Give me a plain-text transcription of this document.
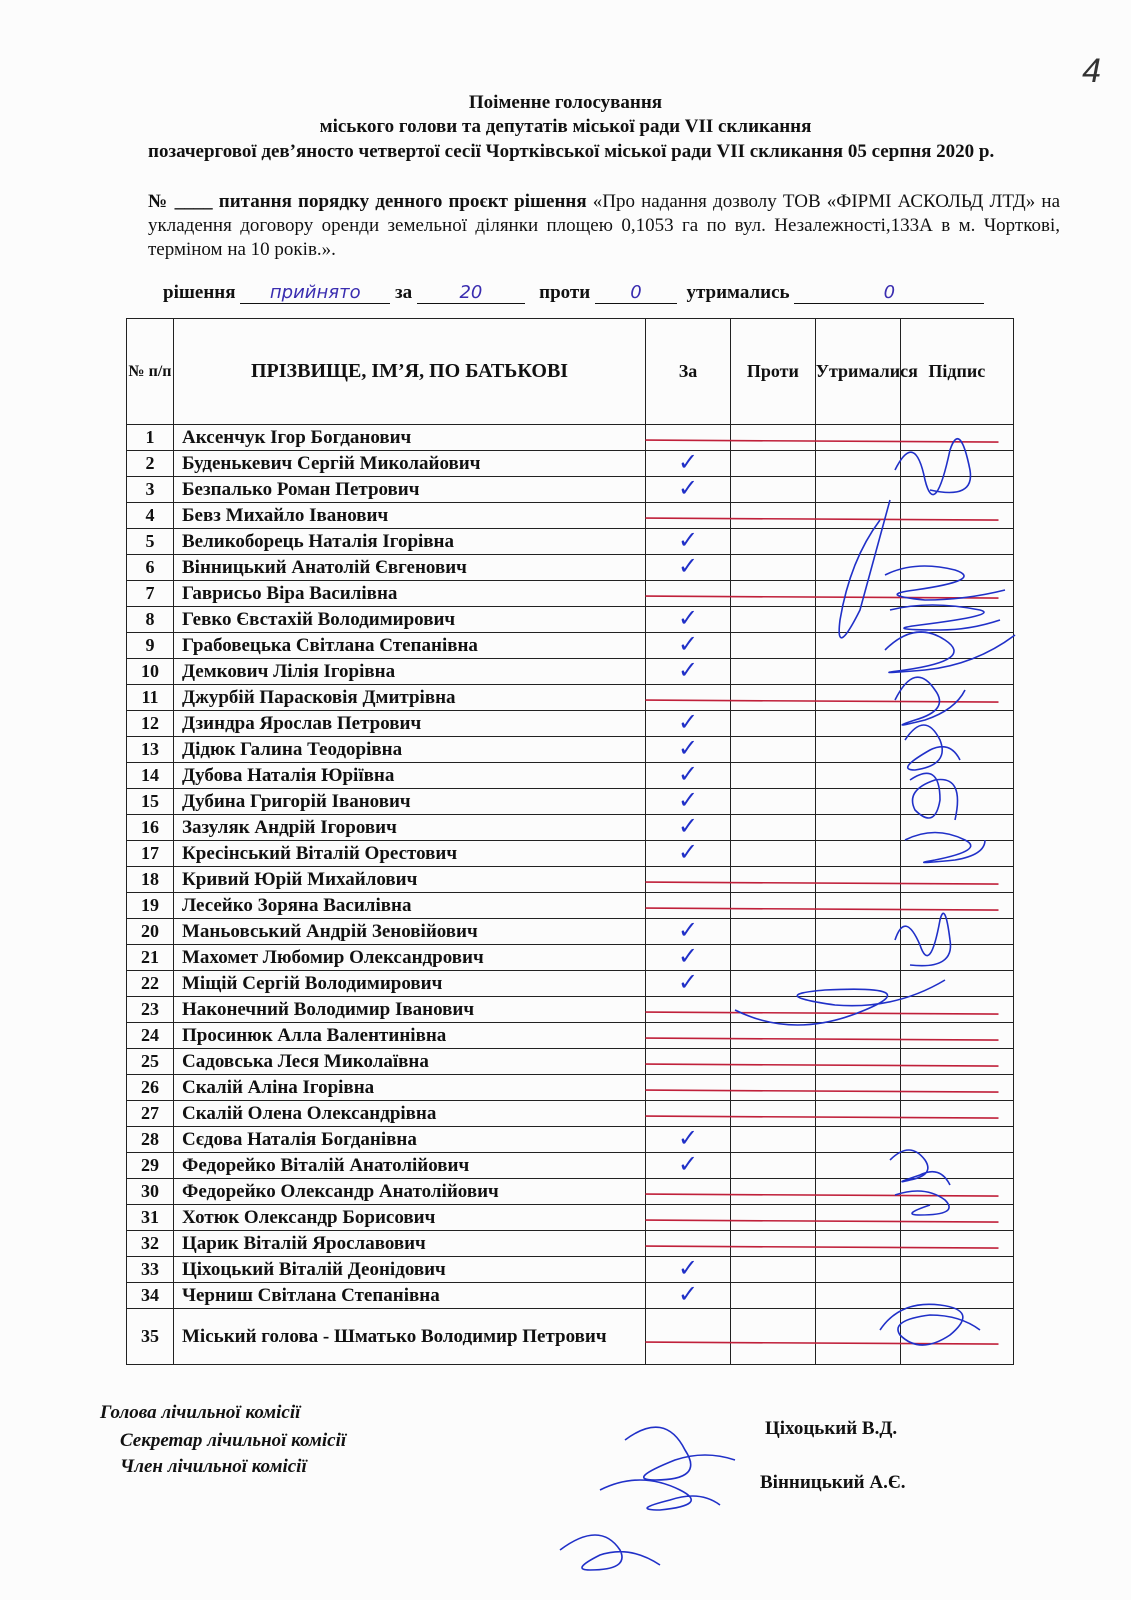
4
Поіменне голосування
міського голови та депутатів міської ради VII скликання
позачергової дев’яносто четвертої сесії Чортківської міської ради VII скликання 05 серпня 2020 р.
№ ____ питання порядку денного проєкт рішення «Про надання дозволу ТОВ «ФІРМІ АСКОЛЬД ЛТД» на укладення договору оренди земельної ділянки площею 0,1053 га по вул. Незалежності,133А в м. Чорткові, терміном на 10 років.».
рішення прийнято за	20	проти 0 утримались	0
№ п/п	ПРІЗВИЩЕ, ІМ’Я, ПО БАТЬКОВІ	За	Проти	Утрималися	Підпис
1	Аксенчук Ігор Богданович				
2	Буденькевич Сергій Миколайович	✓			
3	Безпалько Роман Петрович	✓			
4	Бевз Михайло Іванович				
5	Великоборець Наталія Ігорівна	✓			
6	Вінницький Анатолій Євгенович	✓			
7	Гаврисьо Віра Василівна				
8	Гевко Євстахій Володимирович	✓			
9	Грабовецька Світлана Степанівна	✓			
10	Демкович Лілія Ігорівна	✓			
11	Джурбій Парасковія Дмитрівна				
12	Дзиндра Ярослав Петрович	✓			
13	Дідюк Галина Теодорівна	✓			
14	Дубова Наталія Юріївна	✓			
15	Дубина Григорій Іванович	✓			
16	Зазуляк Андрій Ігорович	✓			
17	Кресінський Віталій Орестович	✓			
18	Кривий Юрій Михайлович				
19	Лесейко Зоряна Василівна				
20	Маньовський Андрій Зеновійович	✓			
21	Махомет Любомир Олександрович	✓			
22	Міщій Сергій Володимирович	✓			
23	Наконечний Володимир Іванович				
24	Просинюк Алла Валентинівна				
25	Садовська Леся Миколаївна				
26	Скалій Аліна Ігорівна				
27	Скалій Олена Олександрівна				
28	Сєдова Наталія Богданівна	✓			
29	Федорейко Віталій Анатолійович	✓			
30	Федорейко Олександр Анатолійович				
31	Хотюк Олександр Борисович				
32	Царик Віталій Ярославович				
33	Ціхоцький Віталій Деонідович	✓			
34	Черниш Світлана Степанівна	✓			
35	Міський голова - Шматько Володимир Петрович				
Голова лічильної комісії
Секретар лічильної комісії
Член лічильної комісії
Ціхоцький В.Д.
Вінницький А.Є.
